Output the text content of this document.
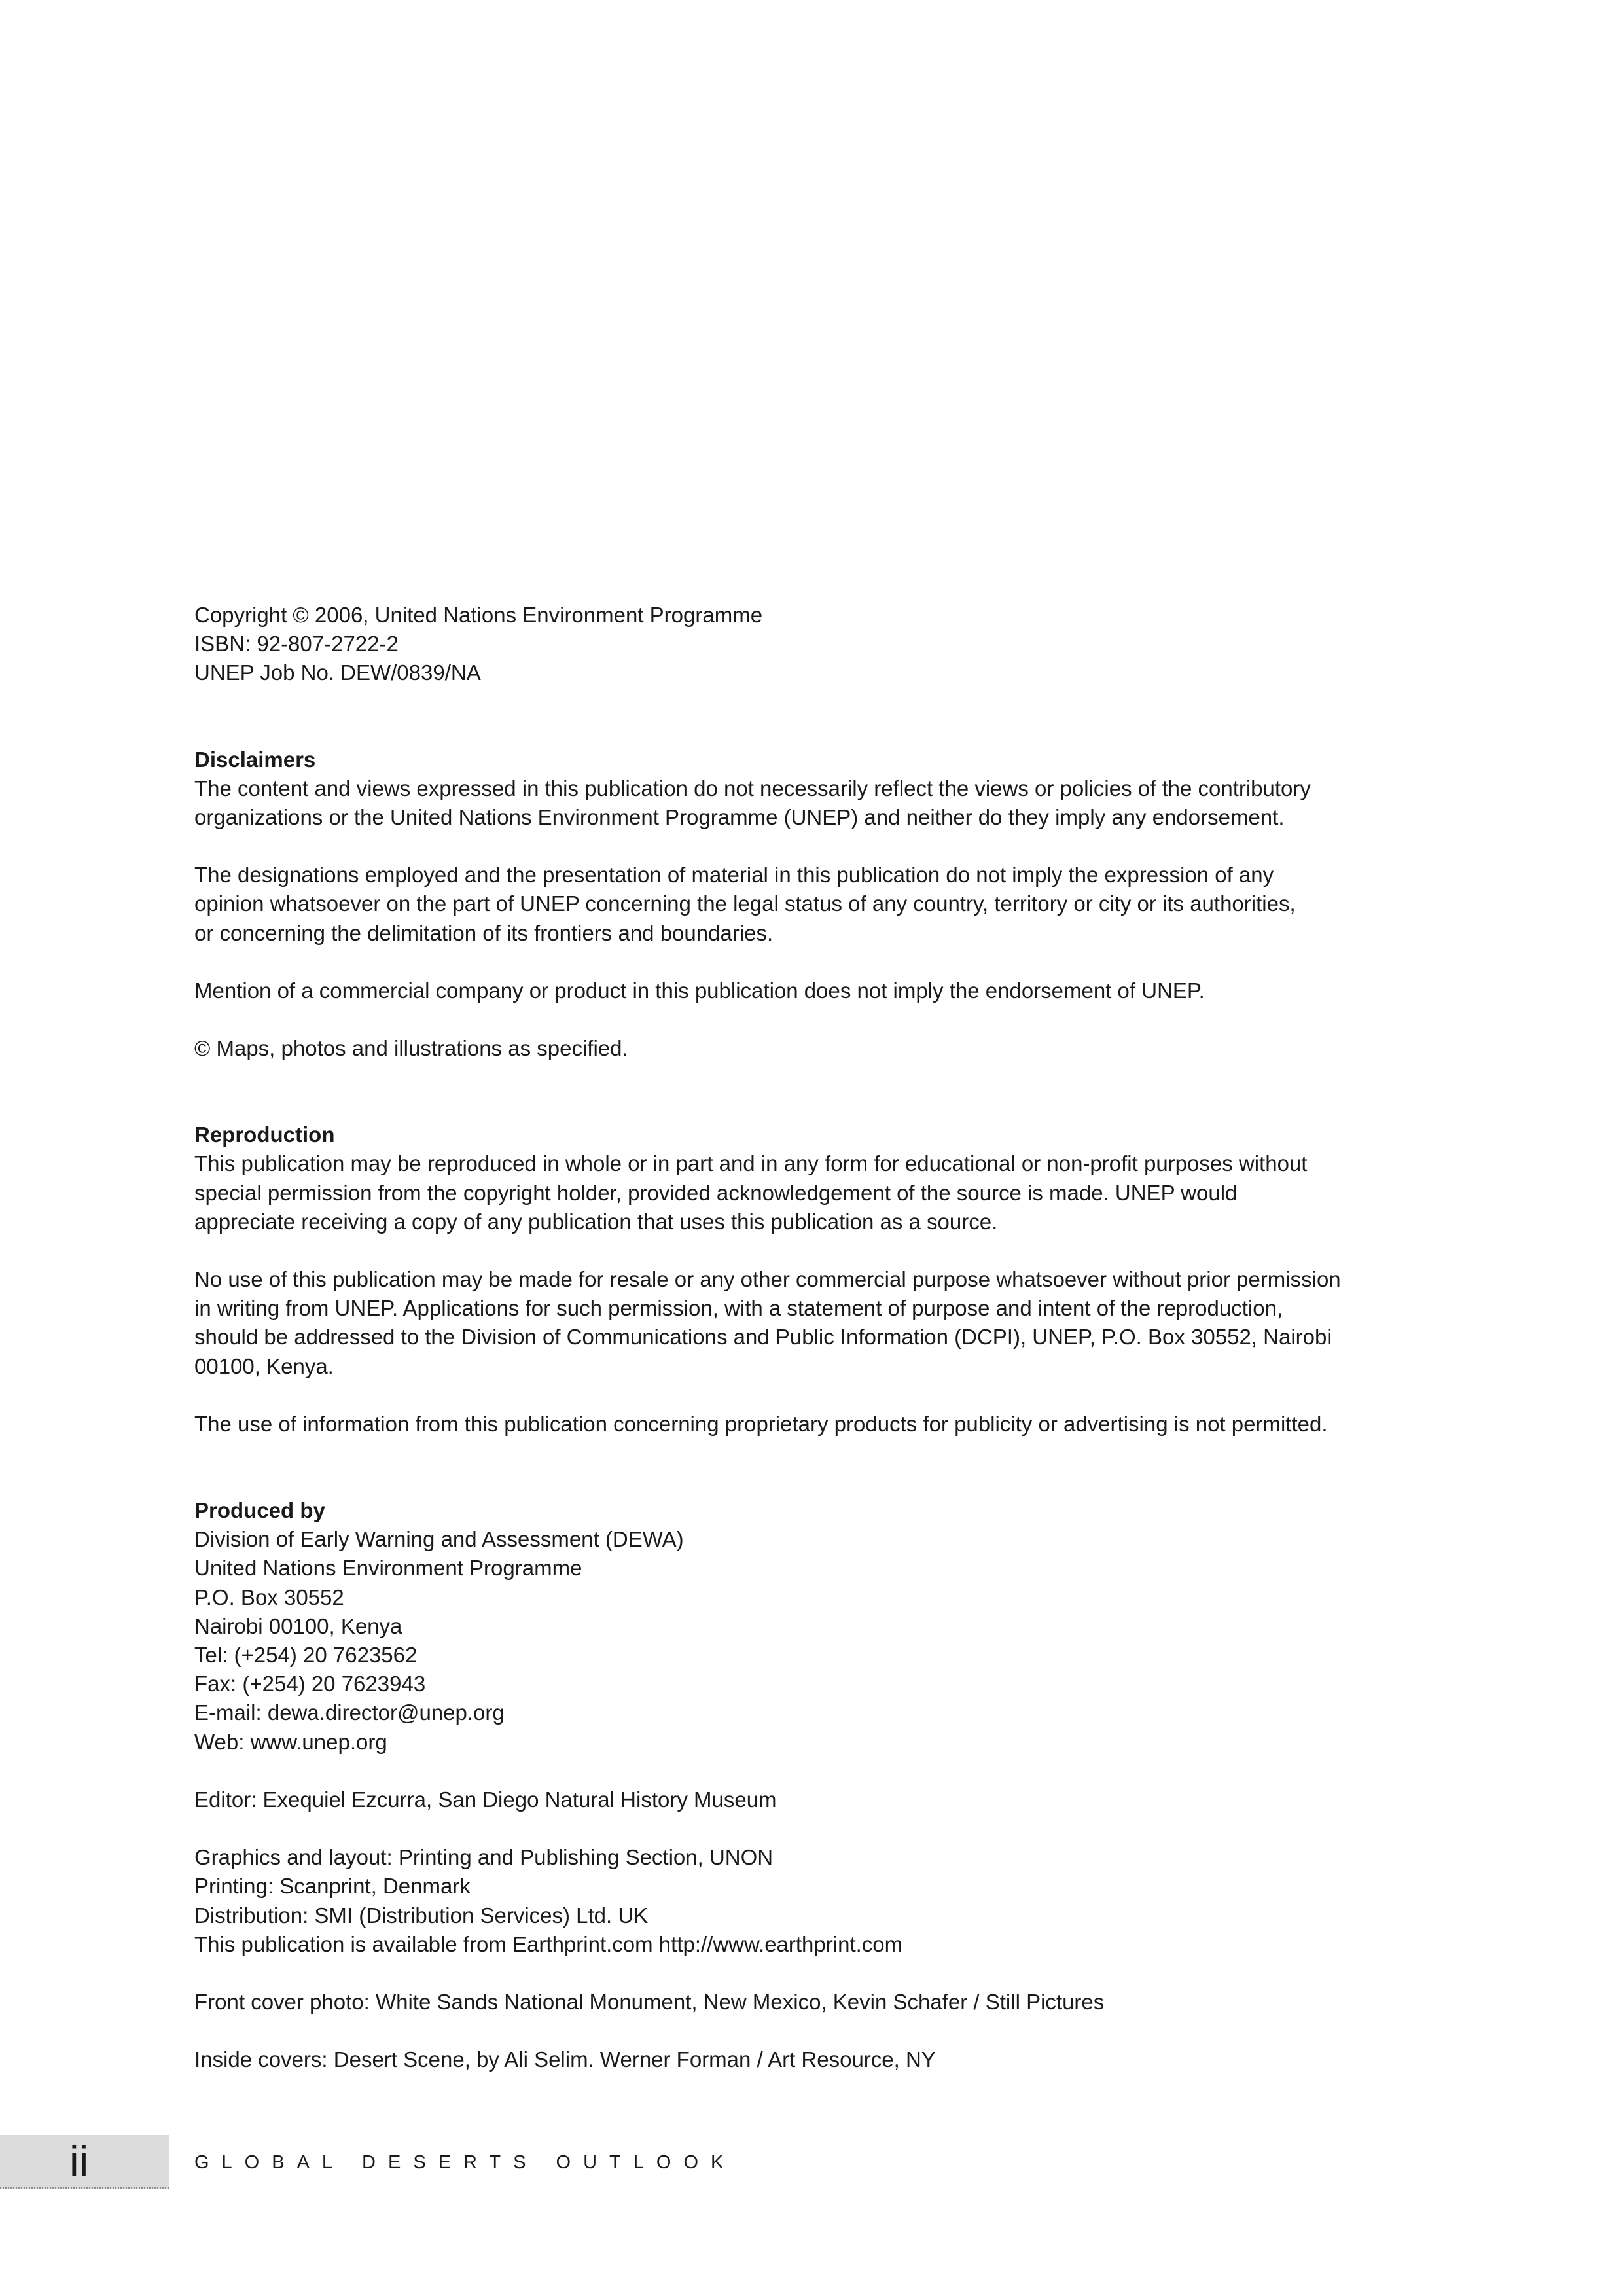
Copyright © 2006, United Nations Environment Programme

ISBN: 92-807-2722-2

UNEP Job No. DEW/0839/NA

Disclaimers

The content and views expressed in this publication do not necessarily reflect the views or policies of the contributory

organizations or the United Nations Environment Programme (UNEP) and neither do they imply any endorsement.

The designations employed and the presentation of material in this publication do not imply the expression of any

opinion whatsoever on the part of UNEP concerning the legal status of any country, territory or city or its authorities,

or concerning the delimitation of its frontiers and boundaries.

Mention of a commercial company or product in this publication does not imply the endorsement of UNEP.

© Maps, photos and illustrations as specified.

Reproduction

This publication may be reproduced in whole or in part and in any form for educational or non-profit purposes without

special permission from the copyright holder, provided acknowledgement of the source is made. UNEP would

appreciate receiving a copy of any publication that uses this publication as a source.

No use of this publication may be made for resale or any other commercial purpose whatsoever without prior permission

in writing from UNEP. Applications for such permission, with a statement of purpose and intent of the reproduction,

should be addressed to the Division of Communications and Public Information (DCPI), UNEP, P.O. Box 30552, Nairobi

00100, Kenya.

The use of information from this publication concerning proprietary products for publicity or advertising is not permitted.

Produced by

Division of Early Warning and Assessment (DEWA)

United Nations Environment Programme

P.O. Box 30552

Nairobi 00100, Kenya

Tel: (+254) 20 7623562

Fax: (+254) 20 7623943

E-mail: dewa.director@unep.org

Web: www.unep.org

Editor: Exequiel Ezcurra, San Diego Natural History Museum

Graphics and layout: Printing and Publishing Section, UNON

Printing: Scanprint, Denmark

Distribution: SMI (Distribution Services) Ltd. UK

This publication is available from Earthprint.com http://www.earthprint.com

Front cover photo: White Sands National Monument, New Mexico, Kevin Schafer / Still Pictures

Inside covers: Desert Scene, by Ali Selim. Werner Forman / Art Resource, NY

ii	GLOBAL DESERTS OUTLOOK
